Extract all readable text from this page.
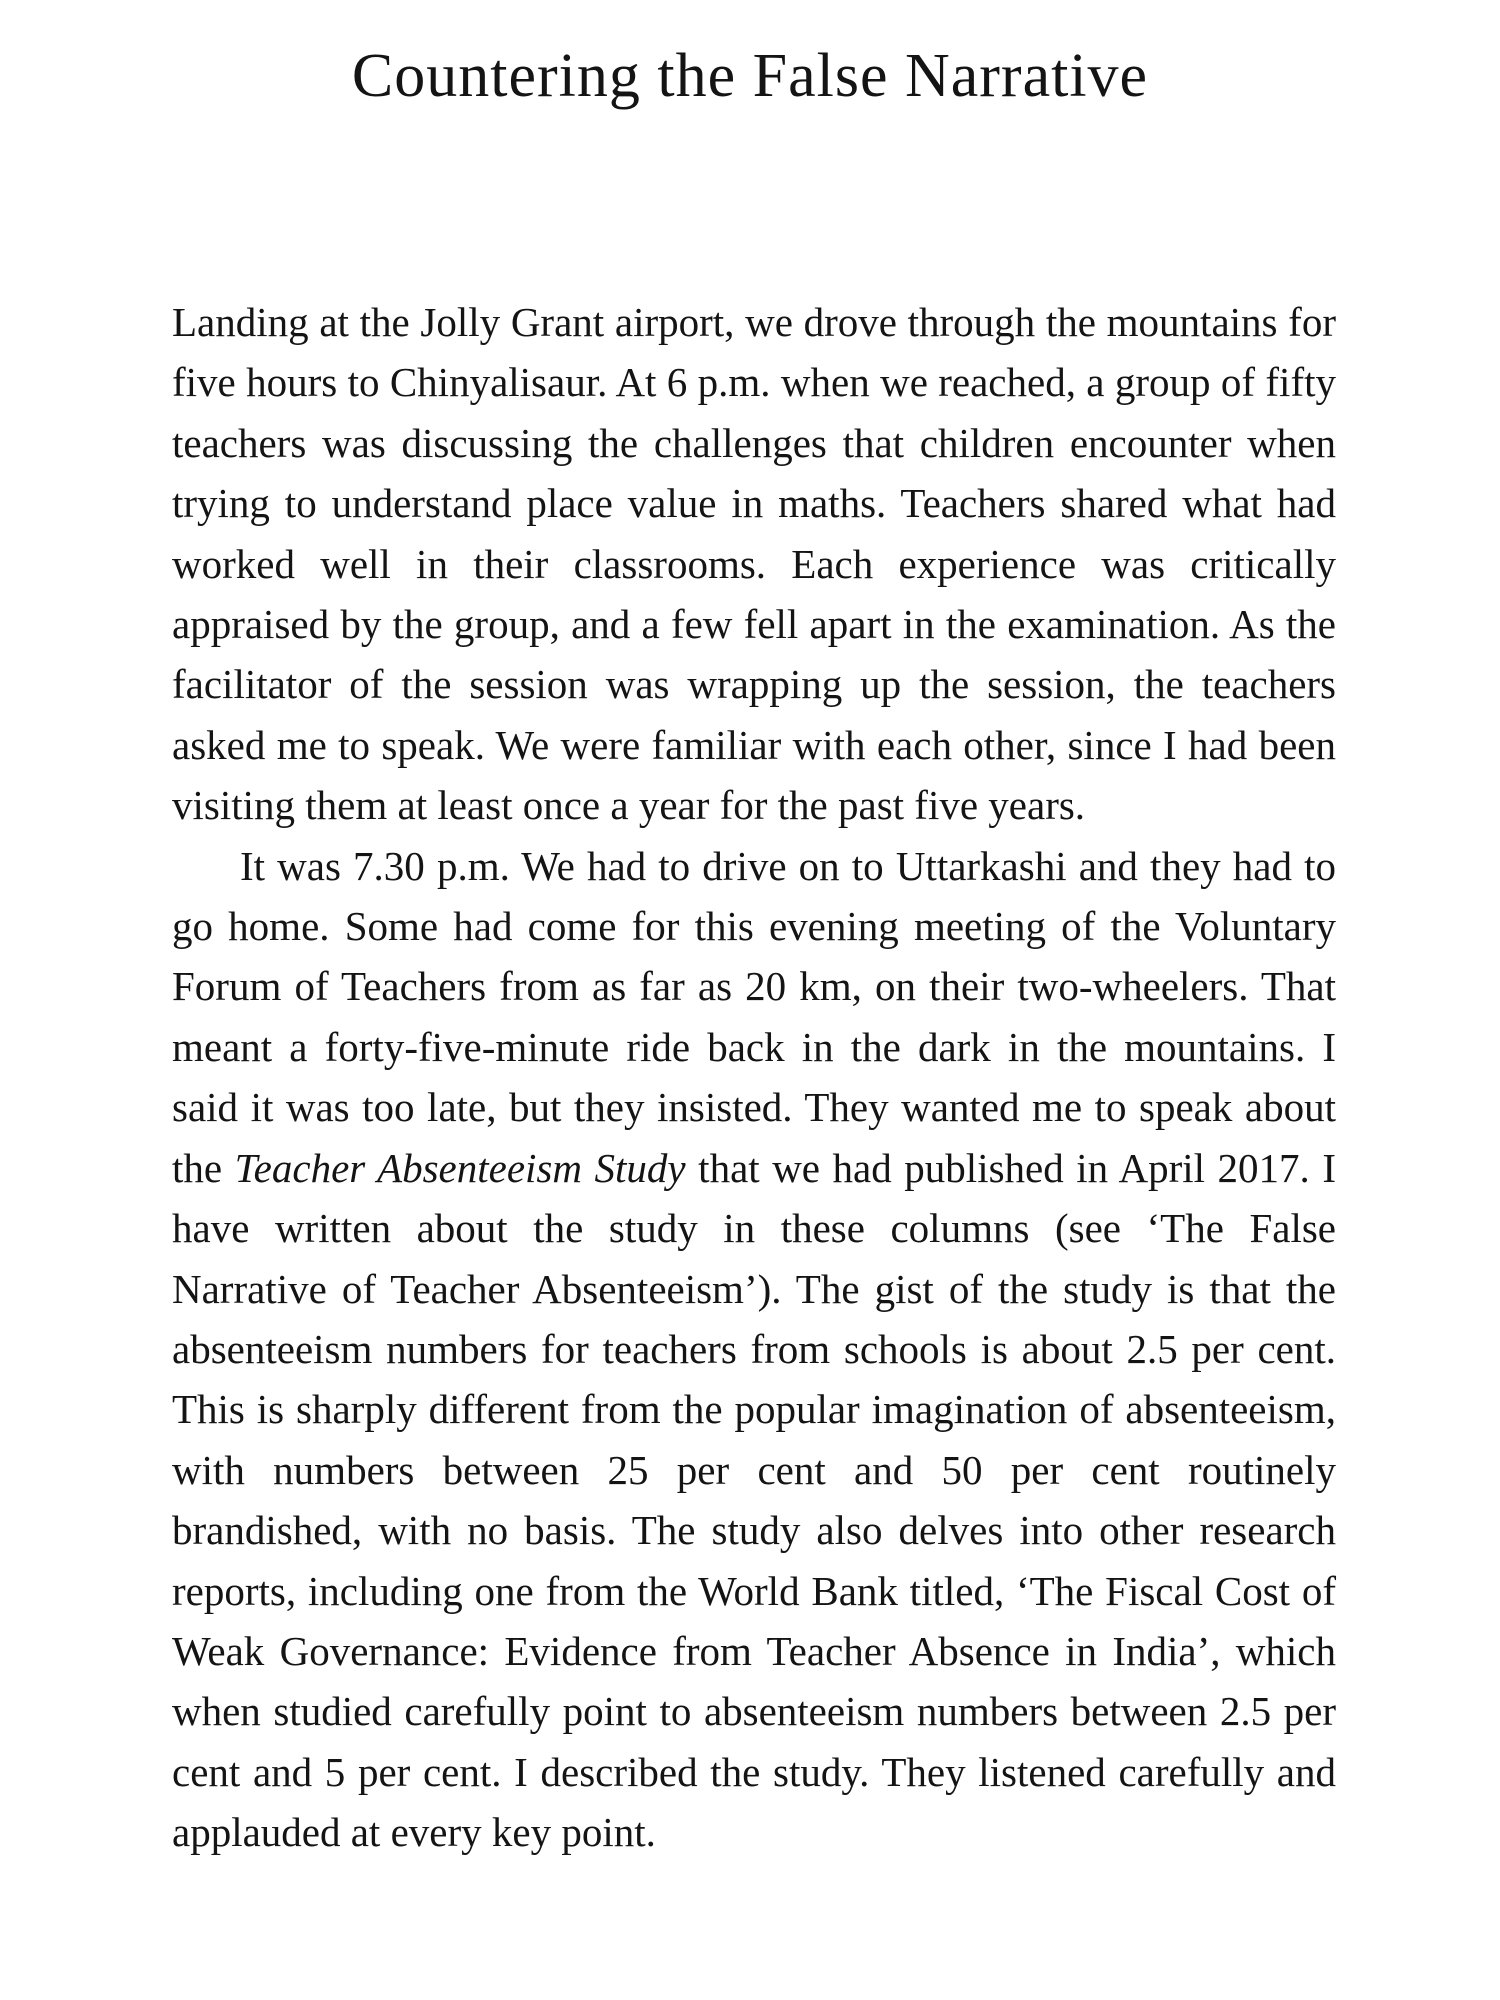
Countering the False Narrative

Landing at the Jolly Grant airport, we drove through the mountains for five hours to Chinyalisaur. At 6 p.m. when we reached, a group of fifty teachers was discussing the challenges that children encounter when trying to understand place value in maths. Teachers shared what had worked well in their classrooms. Each experience was critically appraised by the group, and a few fell apart in the examination. As the facilitator of the session was wrapping up the session, the teachers asked me to speak. We were familiar with each other, since I had been visiting them at least once a year for the past five years.

It was 7.30 p.m. We had to drive on to Uttarkashi and they had to go home. Some had come for this evening meeting of the Voluntary Forum of Teachers from as far as 20 km, on their two-wheelers. That meant a forty-five-minute ride back in the dark in the mountains. I said it was too late, but they insisted. They wanted me to speak about the Teacher Absenteeism Study that we had published in April 2017. I have written about the study in these columns (see ‘The False Narrative of Teacher Absenteeism’). The gist of the study is that the absenteeism numbers for teachers from schools is about 2.5 per cent. This is sharply different from the popular imagination of absenteeism, with numbers between 25 per cent and 50 per cent routinely brandished, with no basis. The study also delves into other research reports, including one from the World Bank titled, ‘The Fiscal Cost of Weak Governance: Evidence from Teacher Absence in India’, which when studied carefully point to absenteeism numbers between 2.5 per cent and 5 per cent. I described the study. They listened carefully and applauded at every key point.
